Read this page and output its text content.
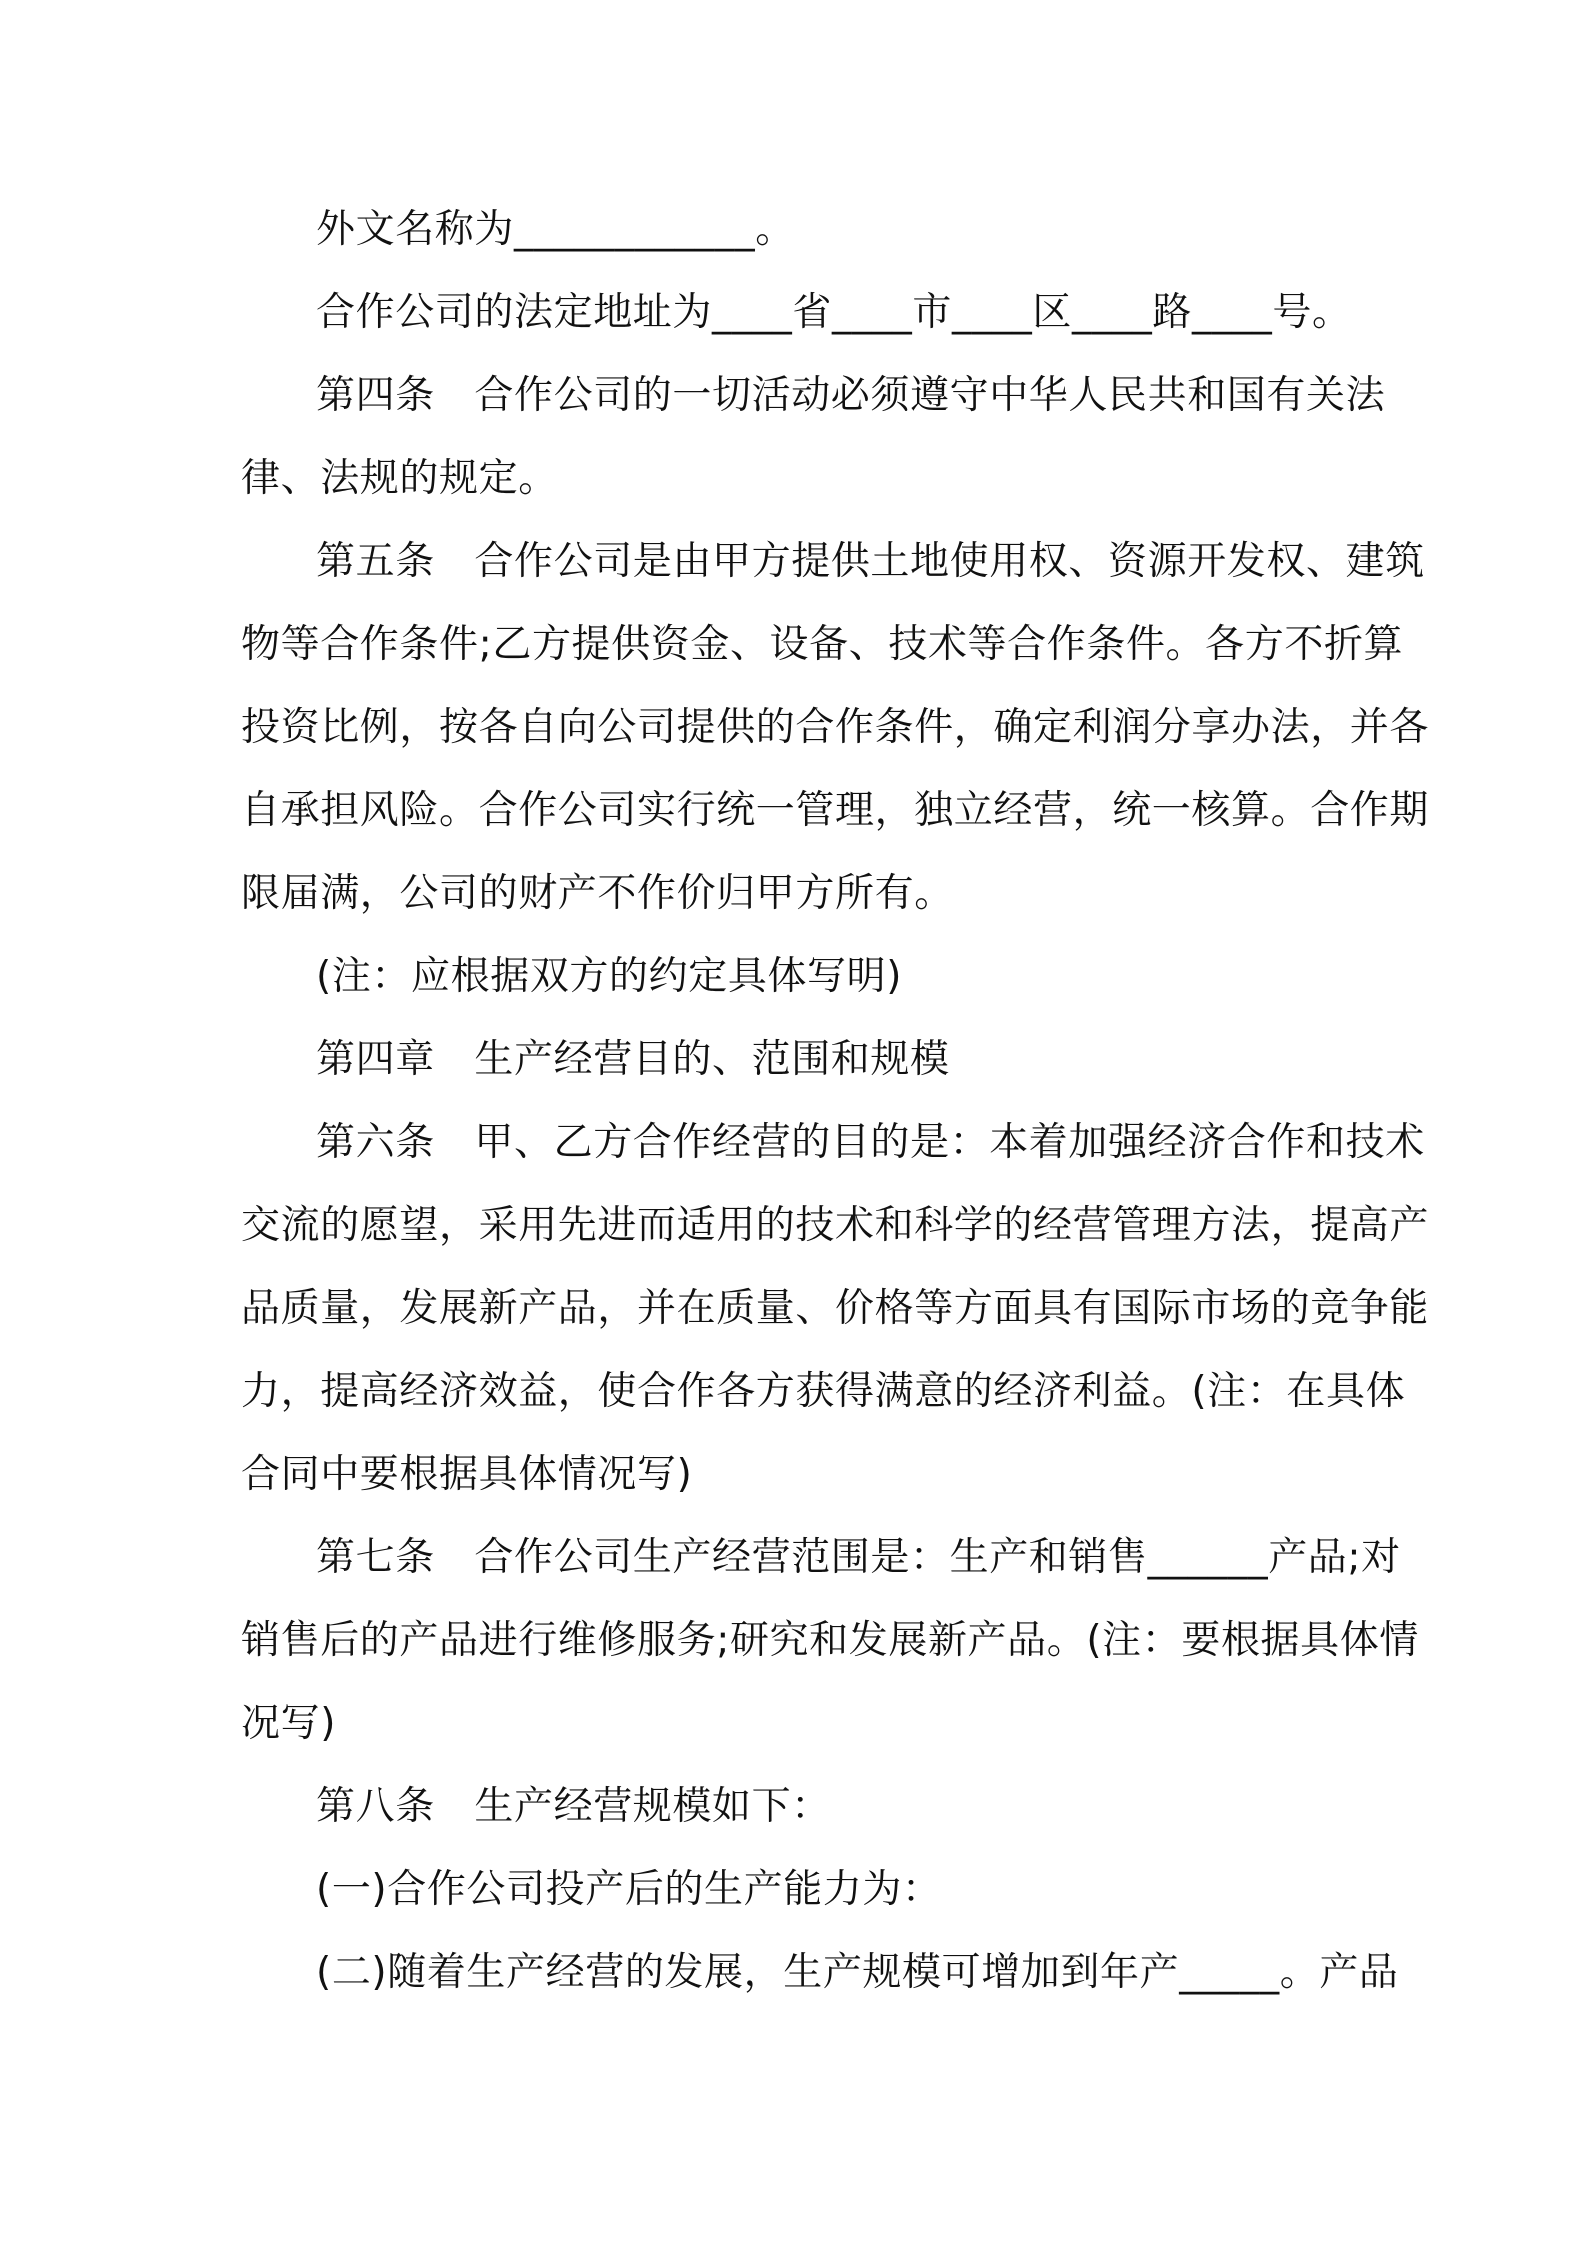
外文名称为____________。
合作公司的法定地址为____省____市____区____路____号。
第四条　合作公司的一切活动必须遵守中华人民共和国有关法
律、法规的规定。
第五条　合作公司是由甲方提供土地使用权、资源开发权、建筑
物等合作条件;乙方提供资金、设备、技术等合作条件。各方不折算
投资比例，按各自向公司提供的合作条件，确定利润分享办法，并各
自承担风险。合作公司实行统一管理，独立经营，统一核算。合作期
限届满，公司的财产不作价归甲方所有。
(注：应根据双方的约定具体写明)
第四章　生产经营目的、范围和规模
第六条　甲、乙方合作经营的目的是：本着加强经济合作和技术
交流的愿望，采用先进而适用的技术和科学的经营管理方法，提高产
品质量，发展新产品，并在质量、价格等方面具有国际市场的竞争能
力，提高经济效益，使合作各方获得满意的经济利益。(注：在具体
合同中要根据具体情况写)
第七条　合作公司生产经营范围是：生产和销售______产品;对
销售后的产品进行维修服务;研究和发展新产品。(注：要根据具体情
况写)
第八条　生产经营规模如下：
(一)合作公司投产后的生产能力为：
(二)随着生产经营的发展，生产规模可增加到年产_____。产品
